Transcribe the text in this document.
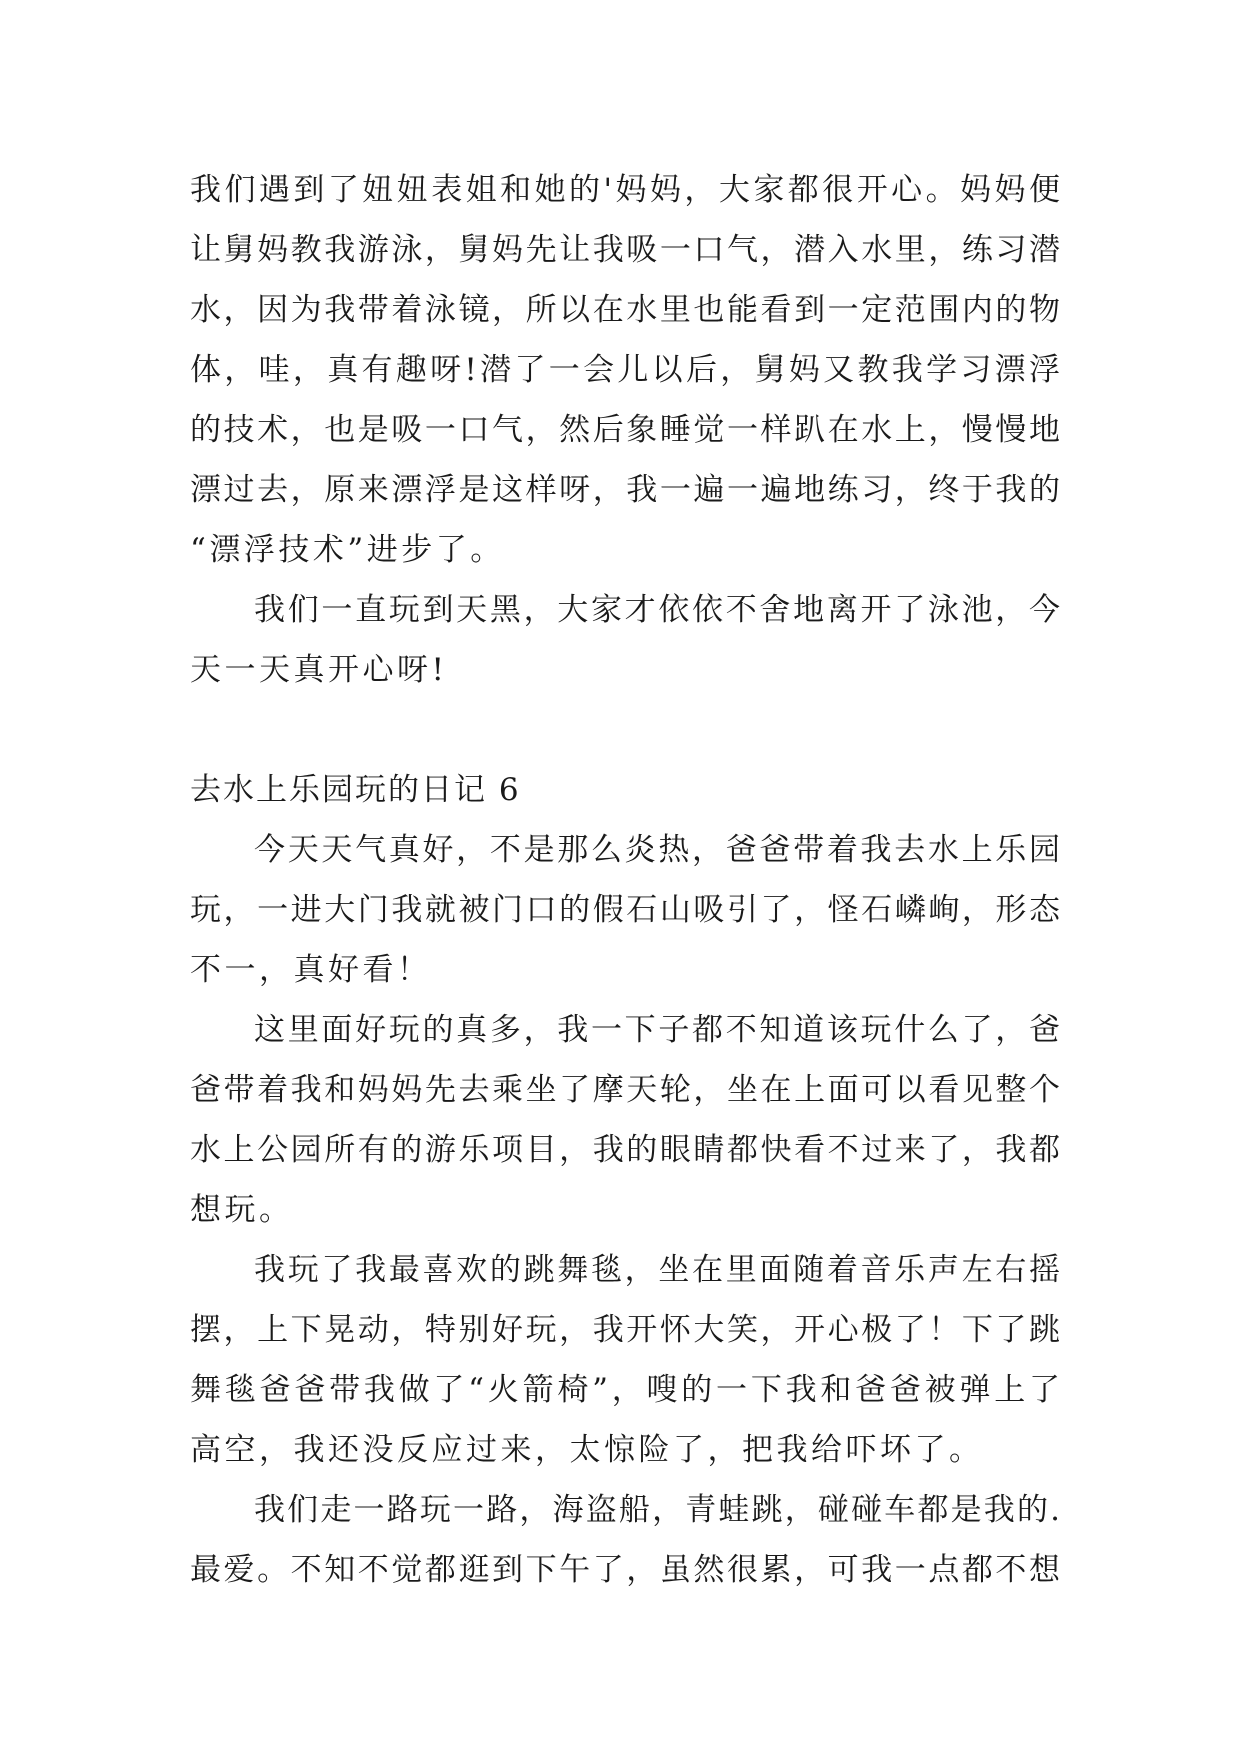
我们遇到了妞妞表姐和她的'妈妈，大家都很开心。妈妈便
让舅妈教我游泳，舅妈先让我吸一口气，潜入水里，练习潜
水，因为我带着泳镜，所以在水里也能看到一定范围内的物
体，哇，真有趣呀!潜了一会儿以后，舅妈又教我学习漂浮
的技术，也是吸一口气，然后象睡觉一样趴在水上，慢慢地
漂过去，原来漂浮是这样呀，我一遍一遍地练习，终于我的
“漂浮技术”进步了。
我们一直玩到天黑，大家才依依不舍地离开了泳池，今
天一天真开心呀!
去水上乐园玩的日记 6
今天天气真好，不是那么炎热，爸爸带着我去水上乐园
玩，一进大门我就被门口的假石山吸引了，怪石嶙峋，形态
不一，真好看！
这里面好玩的真多，我一下子都不知道该玩什么了，爸
爸带着我和妈妈先去乘坐了摩天轮，坐在上面可以看见整个
水上公园所有的游乐项目，我的眼睛都快看不过来了，我都
想玩。
我玩了我最喜欢的跳舞毯，坐在里面随着音乐声左右摇
摆，上下晃动，特别好玩，我开怀大笑，开心极了！下了跳
舞毯爸爸带我做了“火箭椅”，嗖的一下我和爸爸被弹上了
高空，我还没反应过来，太惊险了，把我给吓坏了。
我们走一路玩一路，海盗船，青蛙跳，碰碰车都是我的.
最爱。不知不觉都逛到下午了，虽然很累，可我一点都不想
